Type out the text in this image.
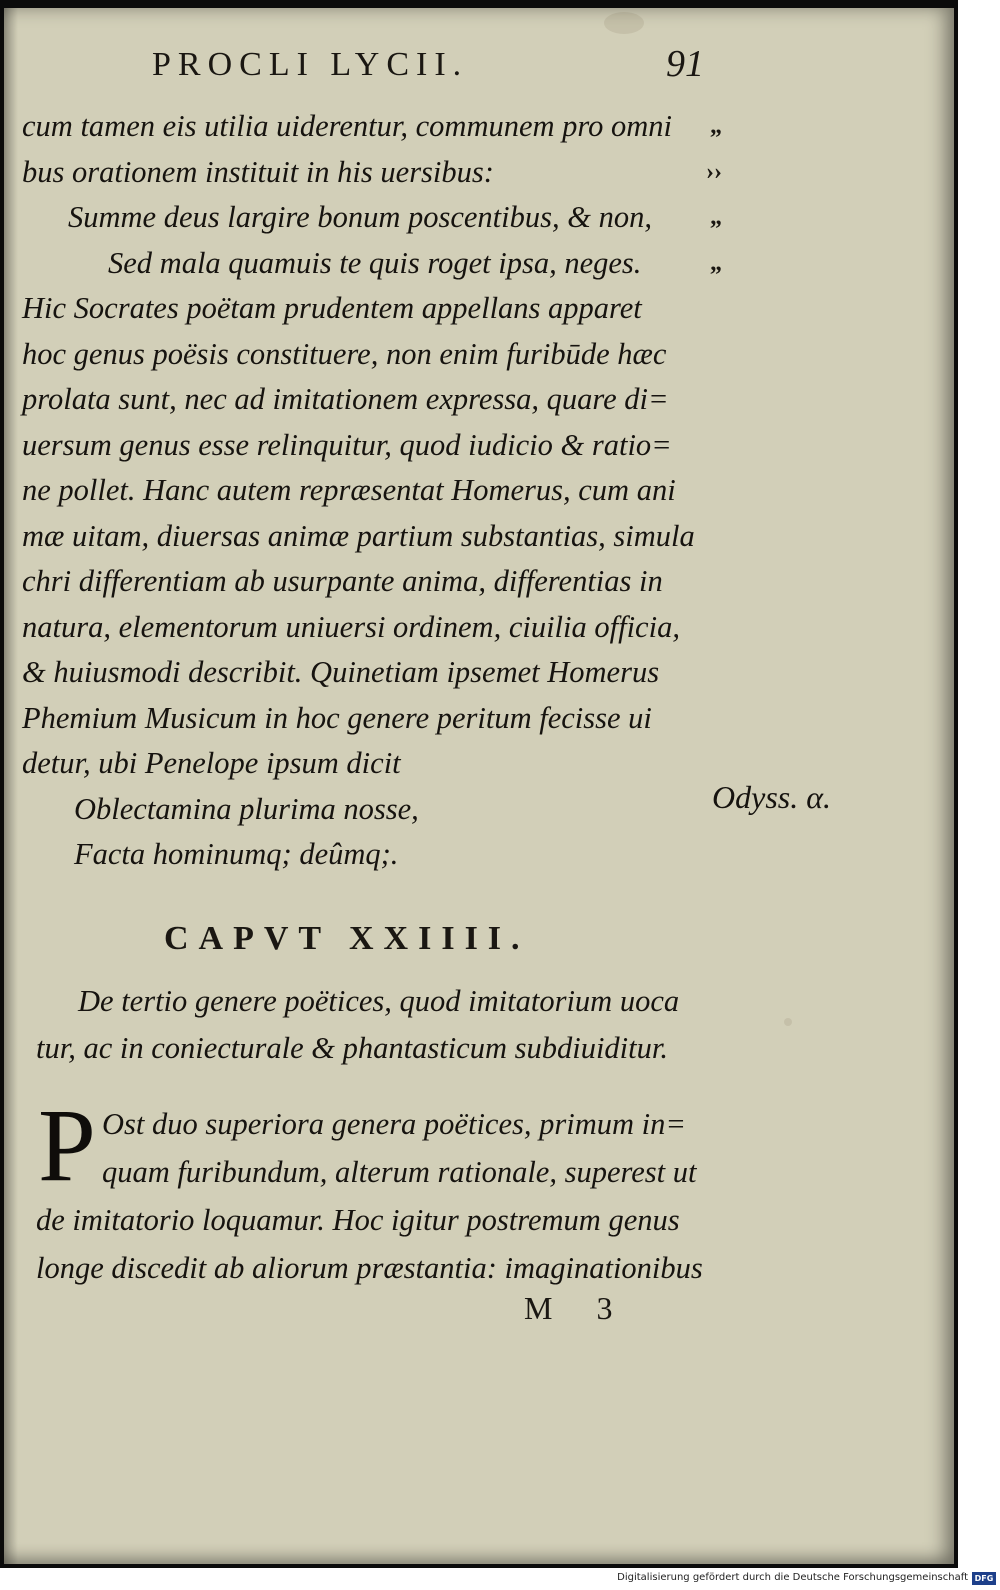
PROCLI LYCII.	91
cum tamen eis utilia uiderentur, communem pro omni „
bus orationem instituit in his uersibus:	››
Summe deus largire bonum poscentibus, & non, „
Sed mala quamuis te quis roget ipsa, neges.	„
Hic Socrates poëtam prudentem appellans apparet
hoc genus poësis constituere, non enim furibūde hæc
prolata sunt, nec ad imitationem expressa, quare di=
uersum genus esse relinquitur, quod iudicio & ratio=
ne pollet. Hanc autem repræsentat Homerus, cum ani
mæ uitam, diuersas animæ partium substantias, simula
chri differentiam ab usurpante anima, differentias in
natura, elementorum uniuersi ordinem, ciuilia officia,
& huiusmodi describit. Quinetiam ipsemet Homerus
Phemium Musicum in hoc genere peritum fecisse ui
detur, ubi Penelope ipsum dicit
Oblectamina plurima nosse,
Facta hominumq; deûmq;.
Odyss. α.
CAPVT XXIIII.
De tertio genere poëtices, quod imitatorium uoca
tur, ac in coniecturale & phantasticum subdiuiditur.
P Ost duo superiora genera poëtices, primum in=
quam furibundum, alterum rationale, superest ut
de imitatorio loquamur. Hoc igitur postremum genus
longe discedit ab aliorum præstantia: imaginationibus
M 3
Digitalisierung gefördert durch die Deutsche Forschungsgemeinschaft DFG
